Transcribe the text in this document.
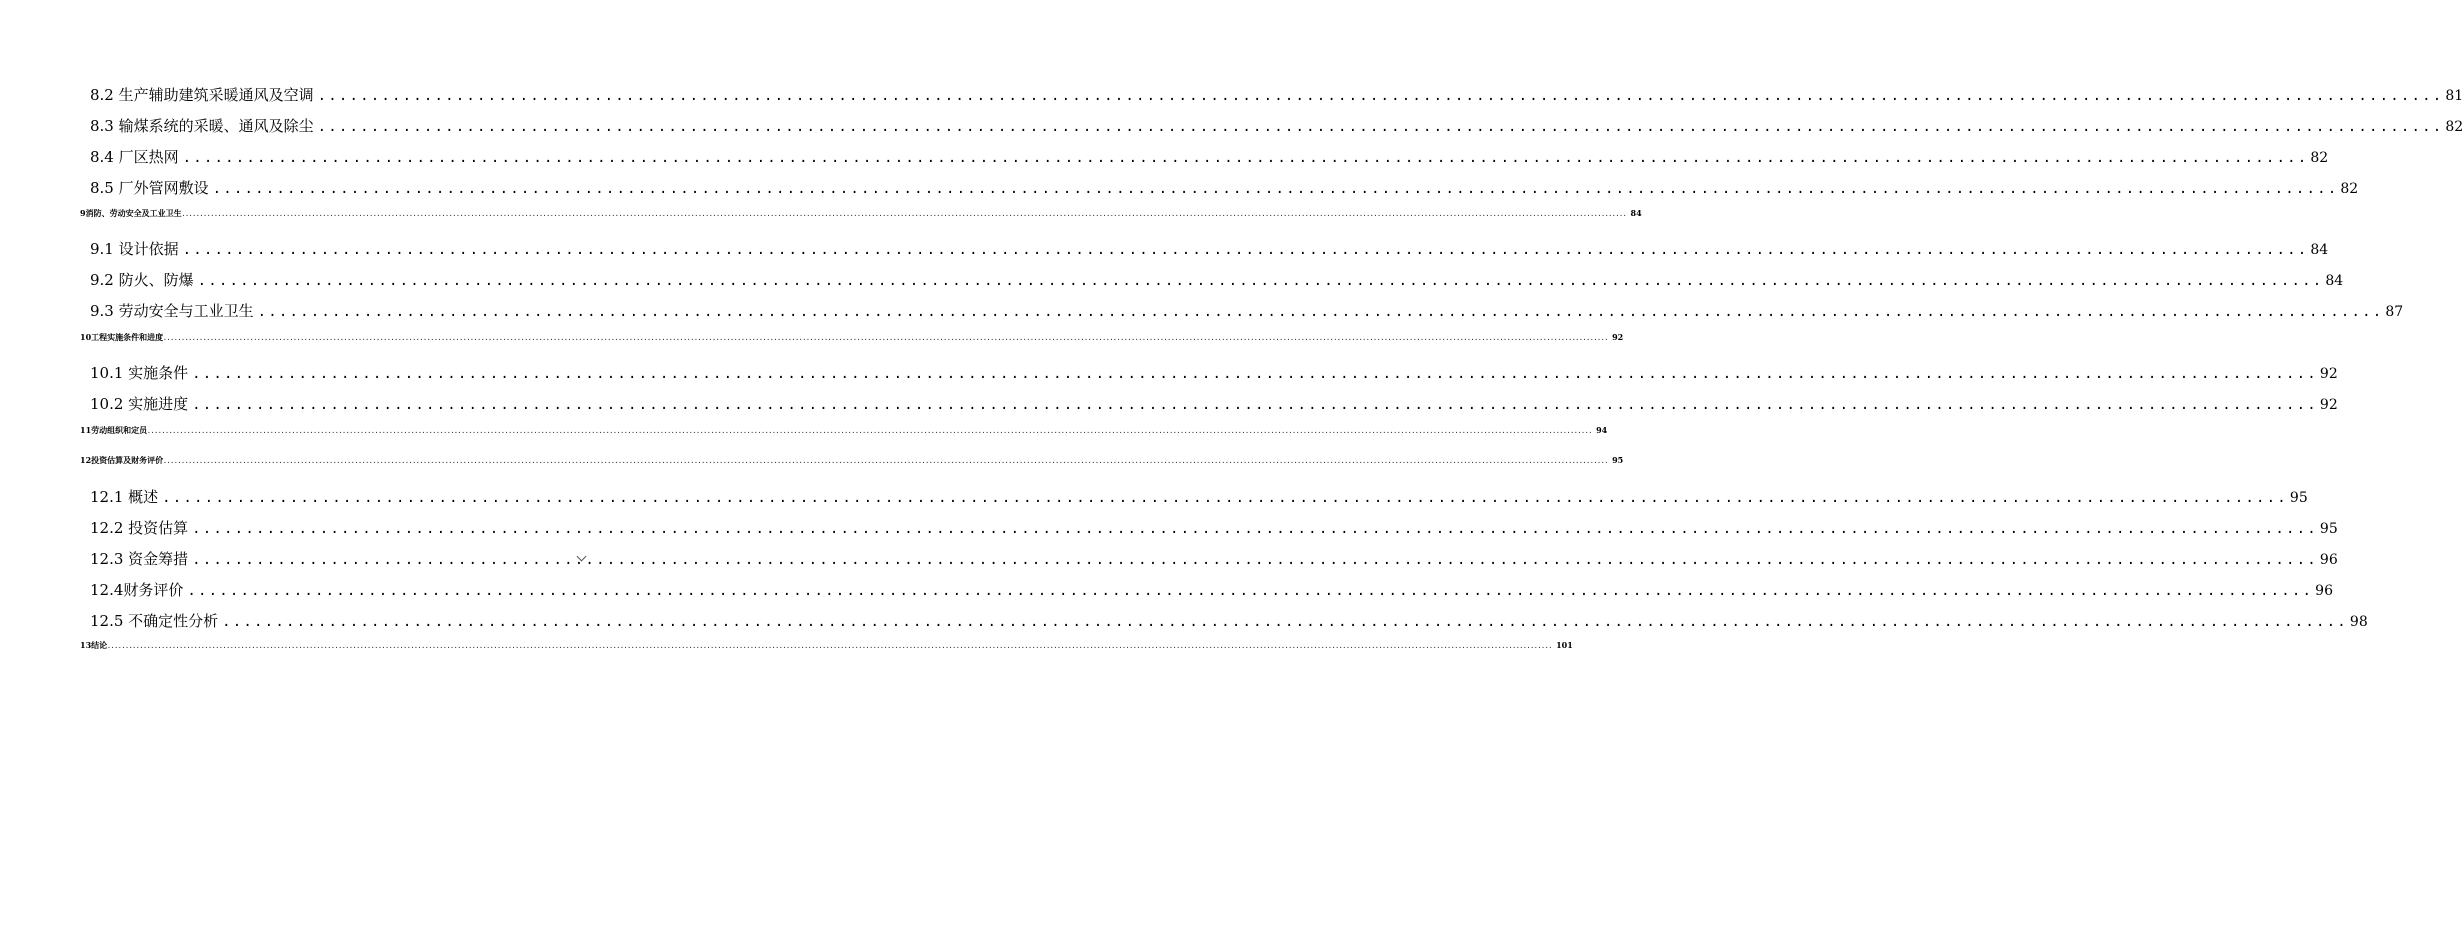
8.2 生产辅助建筑采暖通风及空调 ........................................................................................................................................................................................................ 81
8.3 输煤系统的采暖、通风及除尘 ........................................................................................................................................................................................................ 82
8.4 厂区热网 ........................................................................................................................................................................................................ 82
8.5 厂外管网敷设 ........................................................................................................................................................................................................ 82
9 消防、劳动安全及工业卫生 ................................................................................................................................................................................................................................................................................................................................................................................................................ 84
9.1 设计依据 ........................................................................................................................................................................................................ 84
9.2 防火、防爆 ........................................................................................................................................................................................................ 84
9.3 劳动安全与工业卫生 ........................................................................................................................................................................................................ 87
10 工程实施条件和进度 ................................................................................................................................................................................................................................................................................................................................................................................................................ 92
10.1 实施条件 ........................................................................................................................................................................................................ 92
10.2 实施进度 ........................................................................................................................................................................................................ 92
11 劳动组织和定员 ................................................................................................................................................................................................................................................................................................................................................................................................................ 94
12 投资估算及财务评价 ................................................................................................................................................................................................................................................................................................................................................................................................................ 95
12.1 概述 ........................................................................................................................................................................................................ 95
12.2 投资估算 ........................................................................................................................................................................................................ 95
12.3 资金筹措 ........................................................................................................................................................................................................ 96
12.4财务评价 ........................................................................................................................................................................................................ 96
12.5 不确定性分析 ........................................................................................................................................................................................................ 98
13 结论 ................................................................................................................................................................................................................................................................................................................................................................................................................ 101
